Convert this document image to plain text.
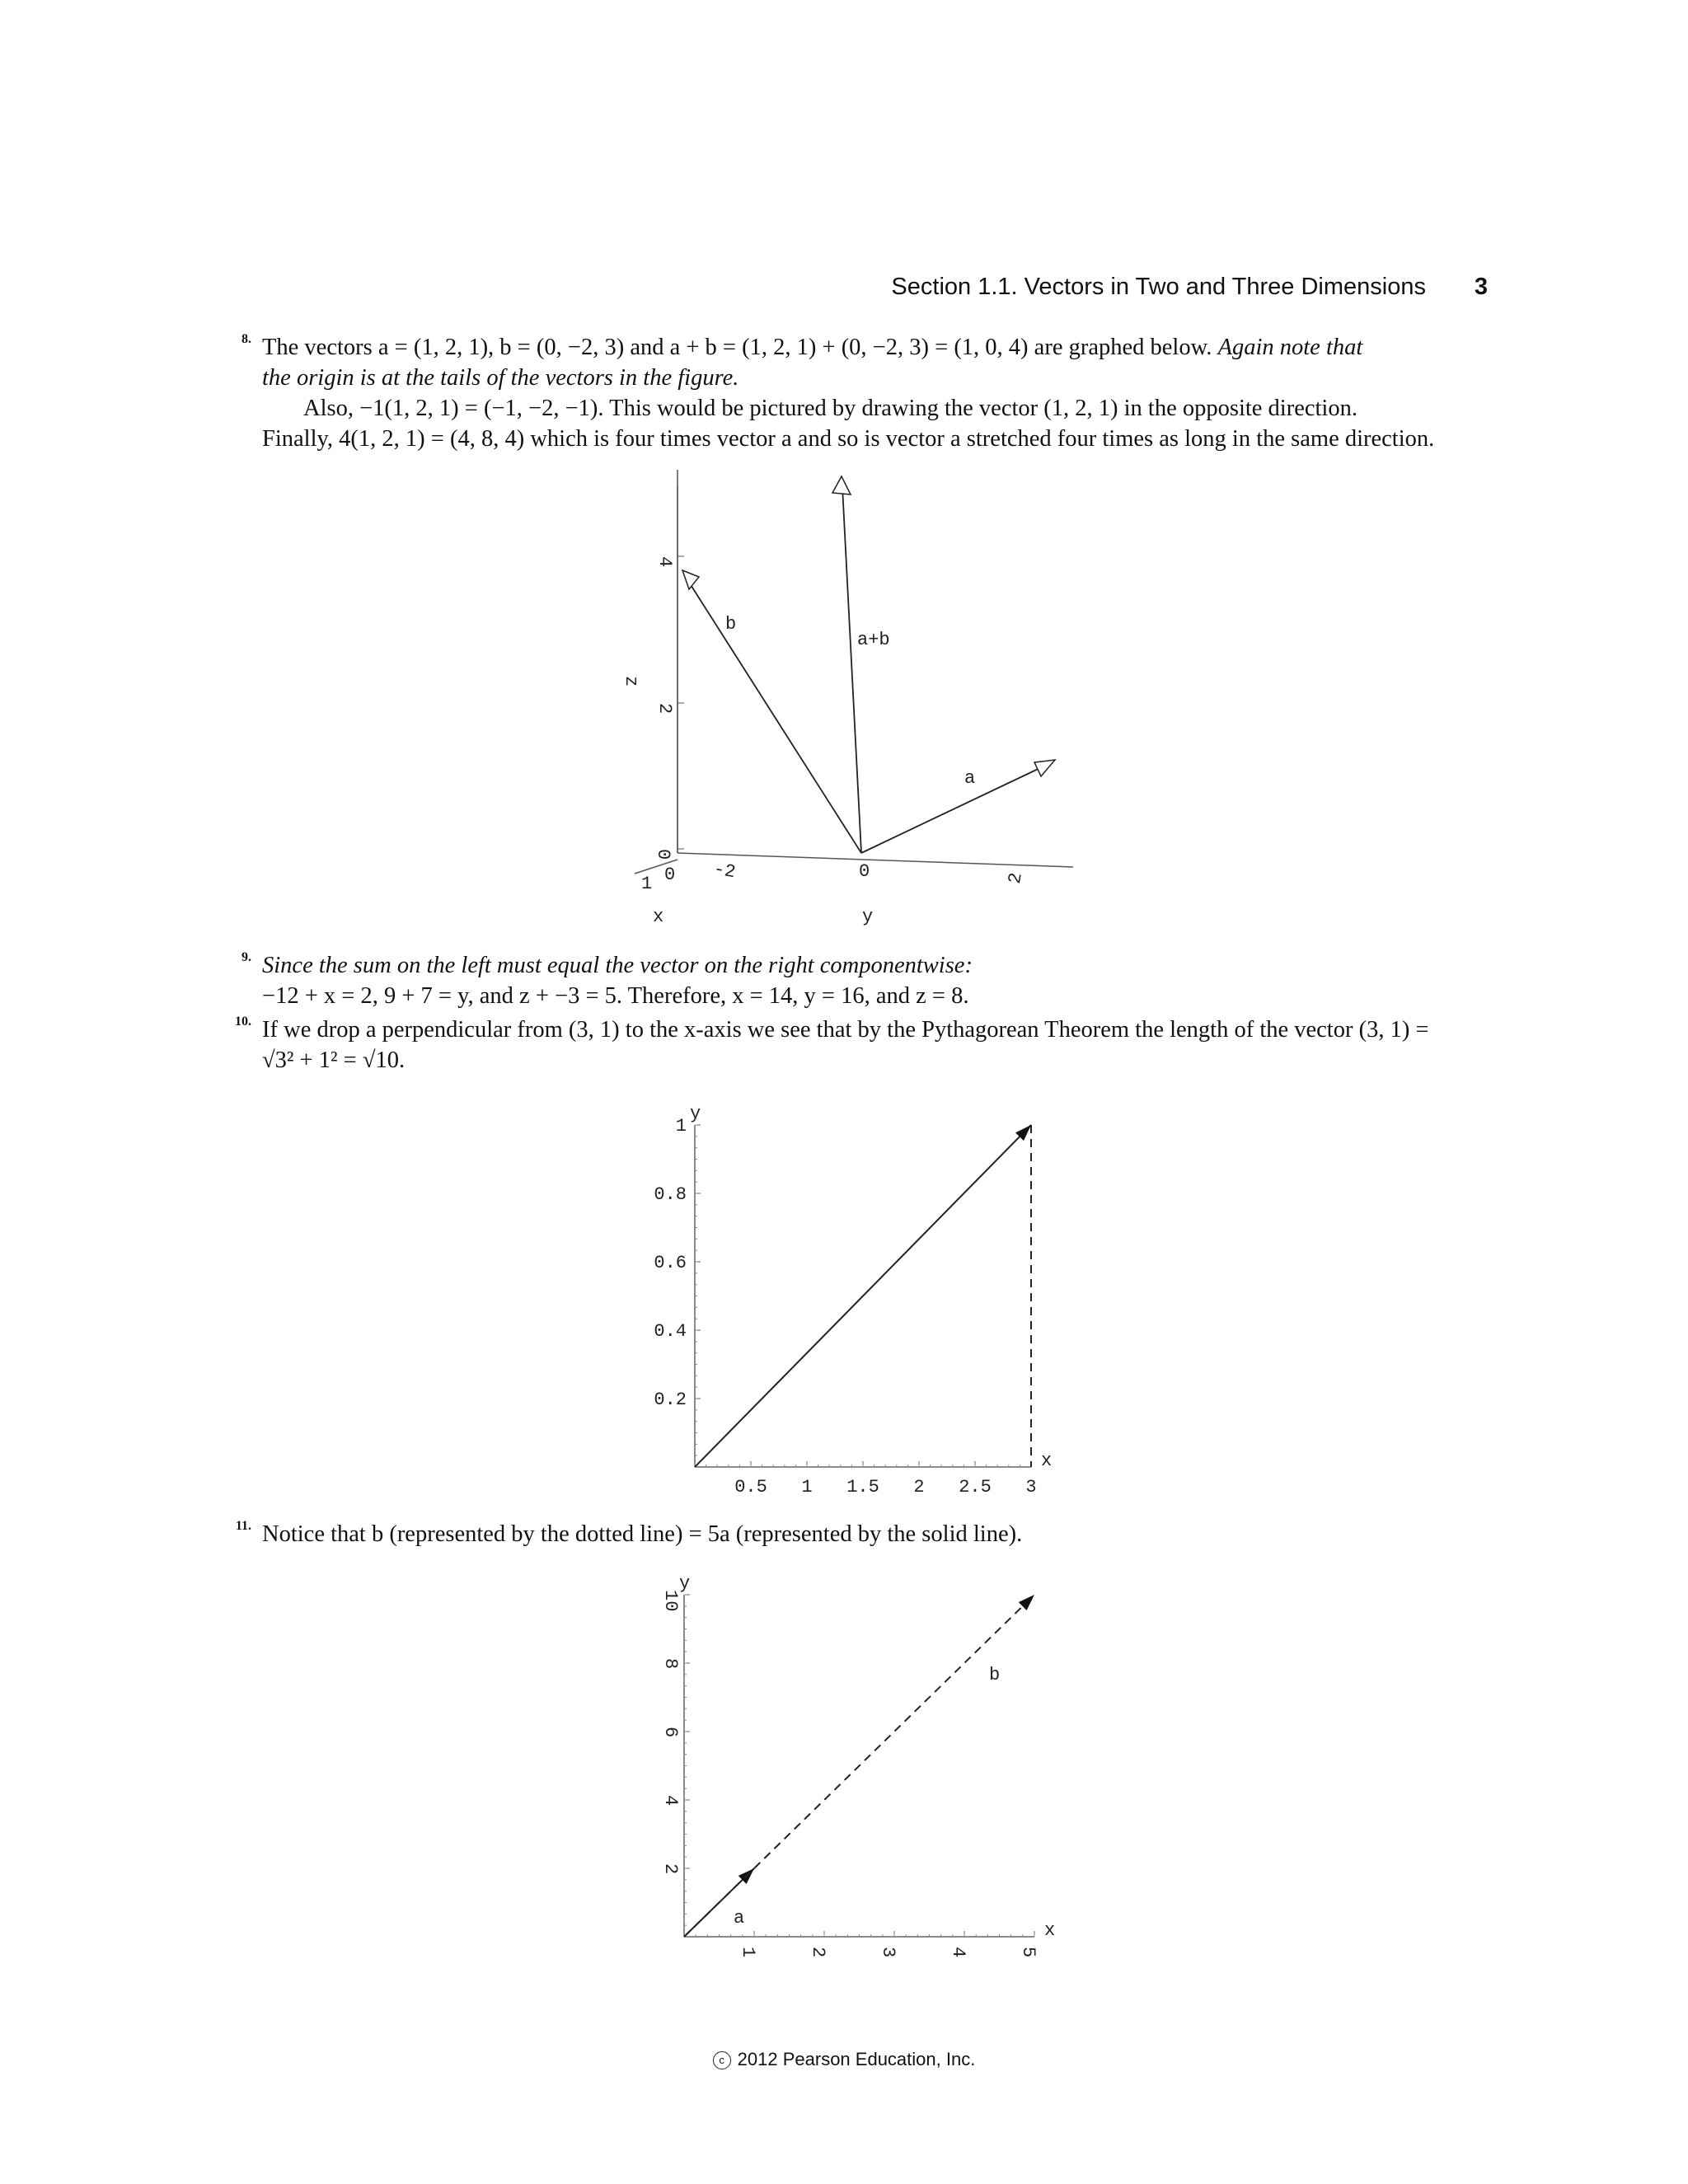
Section 1.1. Vectors in Two and Three Dimensions 3
8. The vectors a = (1, 2, 1), b = (0, −2, 3) and a + b = (1, 2, 1) + (0, −2, 3) = (1, 0, 4) are graphed below. Again note that
the origin is at the tails of the vectors in the figure.
Also, −1(1, 2, 1) = (−1, −2, −1). This would be pictured by drawing the vector (1, 2, 1) in the opposite direction.
Finally, 4(1, 2, 1) = (4, 8, 4) which is four times vector a and so is vector a stretched four times as long in the same direction.
4
2
0
z
1 0
x
-2	0	2
y
b
a+b
a
9. Since the sum on the left must equal the vector on the right componentwise:
−12 + x = 2, 9 + 7 = y, and z + −3 = 5. Therefore, x = 14, y = 16, and z = 8.
10. If we drop a perpendicular from (3, 1) to the x-axis we see that by the Pythagorean Theorem the length of the vector (3, 1) =
√3² + 1² = √10.
0.5 1 1.5 2 2.5 3
0.2
0.4
0.6
0.8
1
x
y
11. Notice that b (represented by the dotted line) = 5a (represented by the solid line).
1	2	3	4	5
2
4
6
8
10
x
y
a
b
c 2012 Pearson Education, Inc.
